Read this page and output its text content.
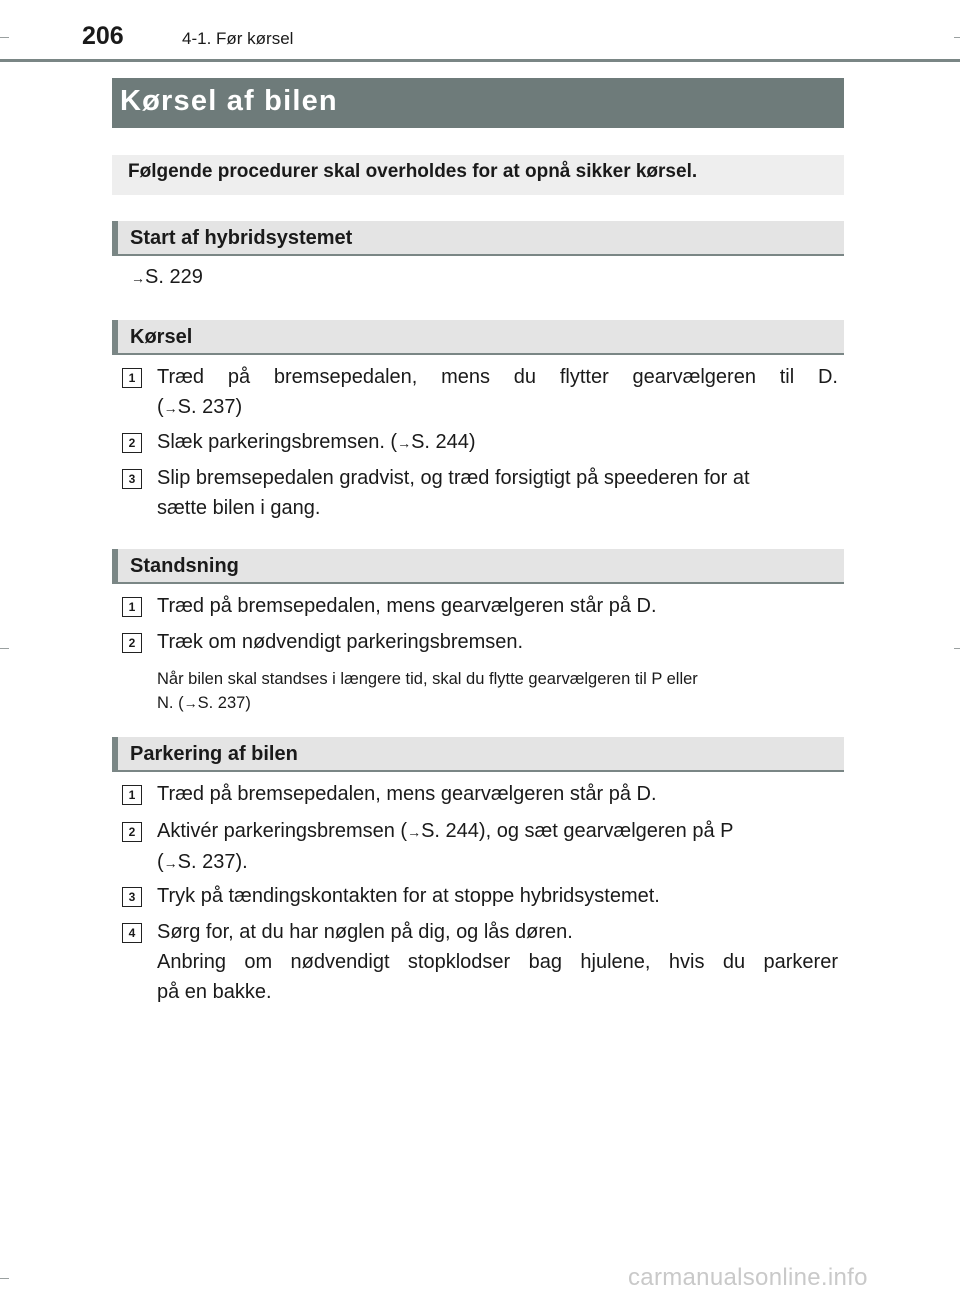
206	4-1. Før kørsel
Kørsel af bilen
Følgende procedurer skal overholdes for at opnå sikker kørsel.
Start af hybridsystemet
→S. 229
Kørsel
1	Træd på bremsepedalen, mens du flytter gearvælgeren til D.
(→S. 237)
2	Slæk parkeringsbremsen. (→S. 244)
3	Slip bremsepedalen gradvist, og træd forsigtigt på speederen for at
sætte bilen i gang.
Standsning
1	Træd på bremsepedalen, mens gearvælgeren står på D.
2	Træk om nødvendigt parkeringsbremsen.
Når bilen skal standses i længere tid, skal du flytte gearvælgeren til P eller
N. (→S. 237)
Parkering af bilen
1	Træd på bremsepedalen, mens gearvælgeren står på D.
2	Aktivér parkeringsbremsen (→S. 244), og sæt gearvælgeren på P
(→S. 237).
3	Tryk på tændingskontakten for at stoppe hybridsystemet.
4	Sørg for, at du har nøglen på dig, og lås døren.
Anbring om nødvendigt stopklodser bag hjulene, hvis du parkerer
på en bakke.
carmanualsonline.info
